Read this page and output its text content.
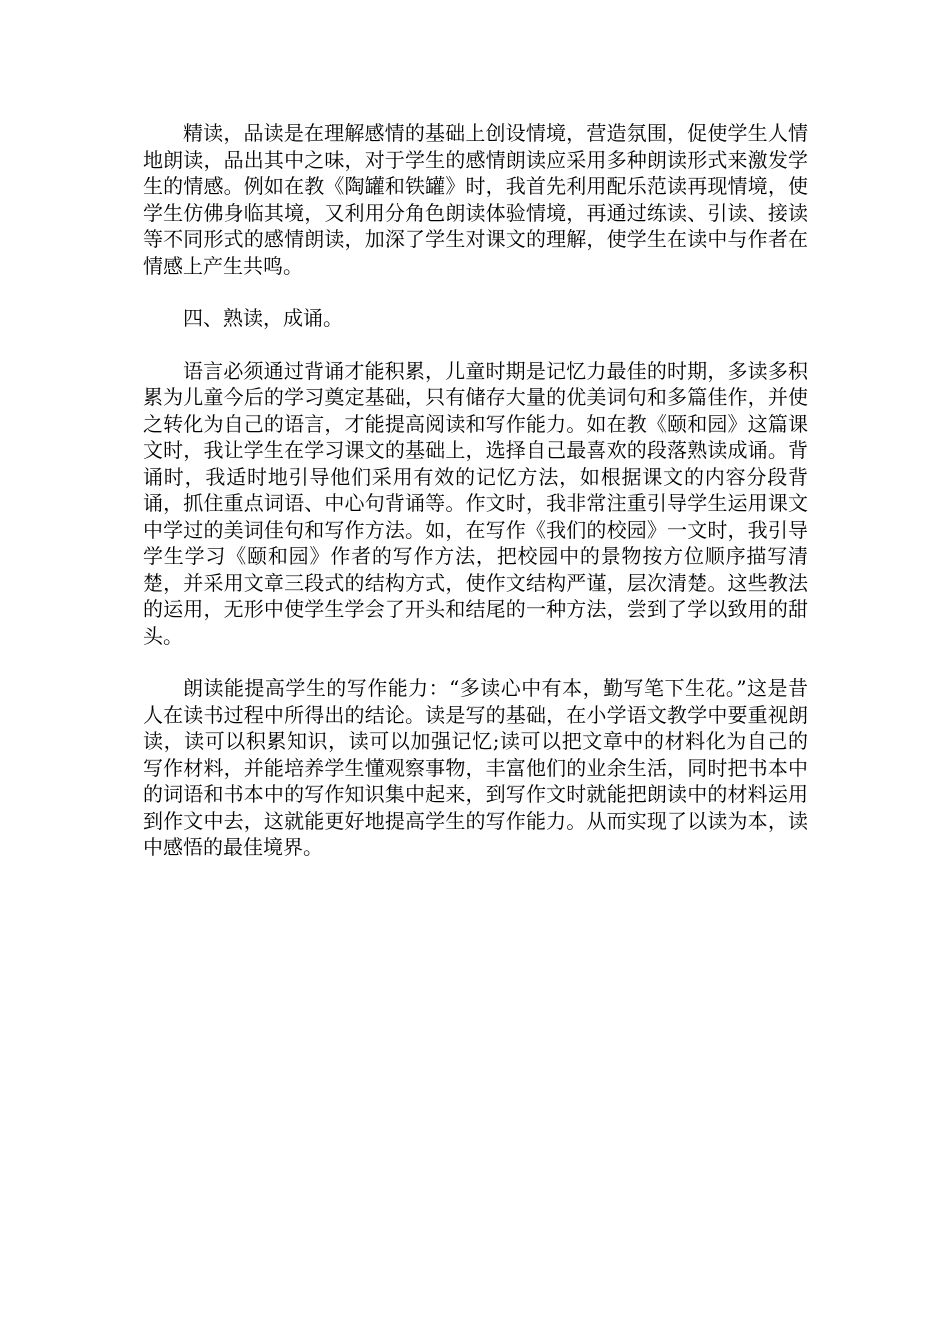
精读，品读是在理解感情的基础上创设情境，营造氛围，促使学生人情地朗读，品出其中之味，对于学生的感情朗读应采用多种朗读形式来激发学生的情感。例如在教《陶罐和铁罐》时，我首先利用配乐范读再现情境，使学生仿佛身临其境，又利用分角色朗读体验情境，再通过练读、引读、接读等不同形式的感情朗读，加深了学生对课文的理解，使学生在读中与作者在情感上产生共鸣。

四、熟读，成诵。

语言必须通过背诵才能积累，儿童时期是记忆力最佳的时期，多读多积累为儿童今后的学习奠定基础，只有储存大量的优美词句和多篇佳作，并使之转化为自己的语言，才能提高阅读和写作能力。如在教《颐和园》这篇课文时，我让学生在学习课文的基础上，选择自己最喜欢的段落熟读成诵。背诵时，我适时地引导他们采用有效的记忆方法，如根据课文的内容分段背诵，抓住重点词语、中心句背诵等。作文时，我非常注重引导学生运用课文中学过的美词佳句和写作方法。如，在写作《我们的校园》一文时，我引导学生学习《颐和园》作者的写作方法，把校园中的景物按方位顺序描写清楚，并采用文章三段式的结构方式，使作文结构严谨，层次清楚。这些教法的运用，无形中使学生学会了开头和结尾的一种方法，尝到了学以致用的甜头。

朗读能提高学生的写作能力：“多读心中有本，勤写笔下生花。”这是昔人在读书过程中所得出的结论。读是写的基础，在小学语文教学中要重视朗读，读可以积累知识，读可以加强记忆;读可以把文章中的材料化为自己的写作材料，并能培养学生懂观察事物，丰富他们的业余生活，同时把书本中的词语和书本中的写作知识集中起来，到写作文时就能把朗读中的材料运用到作文中去，这就能更好地提高学生的写作能力。从而实现了以读为本，读中感悟的最佳境界。
